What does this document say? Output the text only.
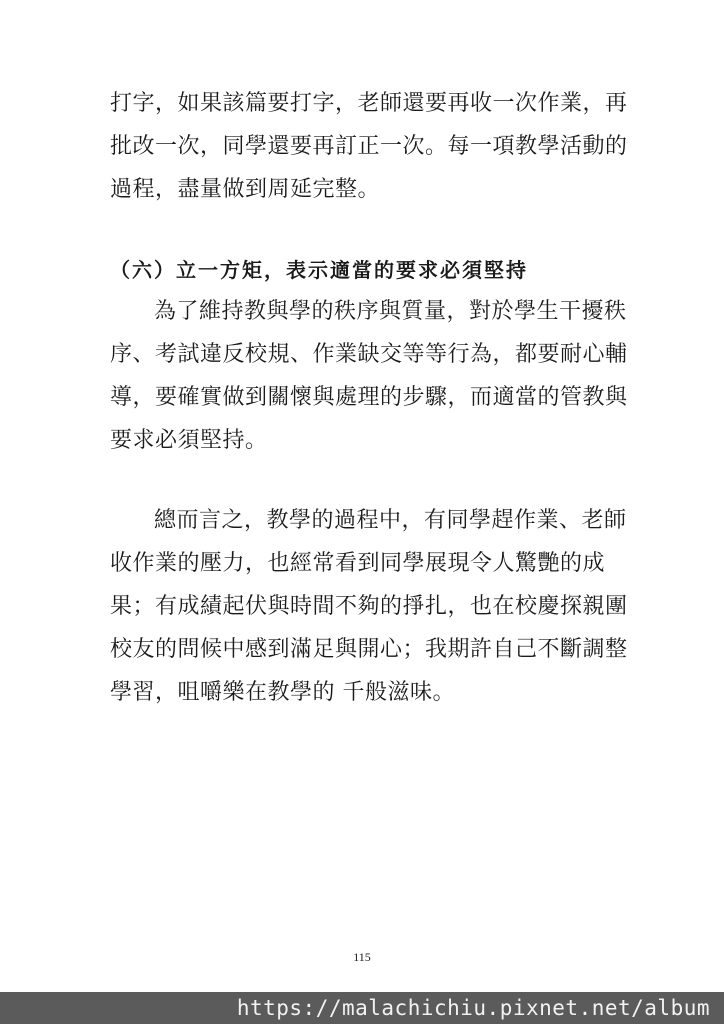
打字，如果該篇要打字，老師還要再收一次作業，再
批改一次，同學還要再訂正一次。每一項教學活動的
過程，盡量做到周延完整。
（六）立一方矩，表示適當的要求必須堅持
為了維持教與學的秩序與質量，對於學生干擾秩
序、考試違反校規、作業缺交等等行為，都要耐心輔
導，要確實做到關懷與處理的步驟，而適當的管教與
要求必須堅持。
總而言之，教學的過程中，有同學趕作業、老師
收作業的壓力，也經常看到同學展現令人驚艷的成
果；有成績起伏與時間不夠的掙扎，也在校慶探親團
校友的問候中感到滿足與開心；我期許自己不斷調整
學習，咀嚼樂在教學的 千般滋味。
115
https://malachichiu.pixnet.net/album
